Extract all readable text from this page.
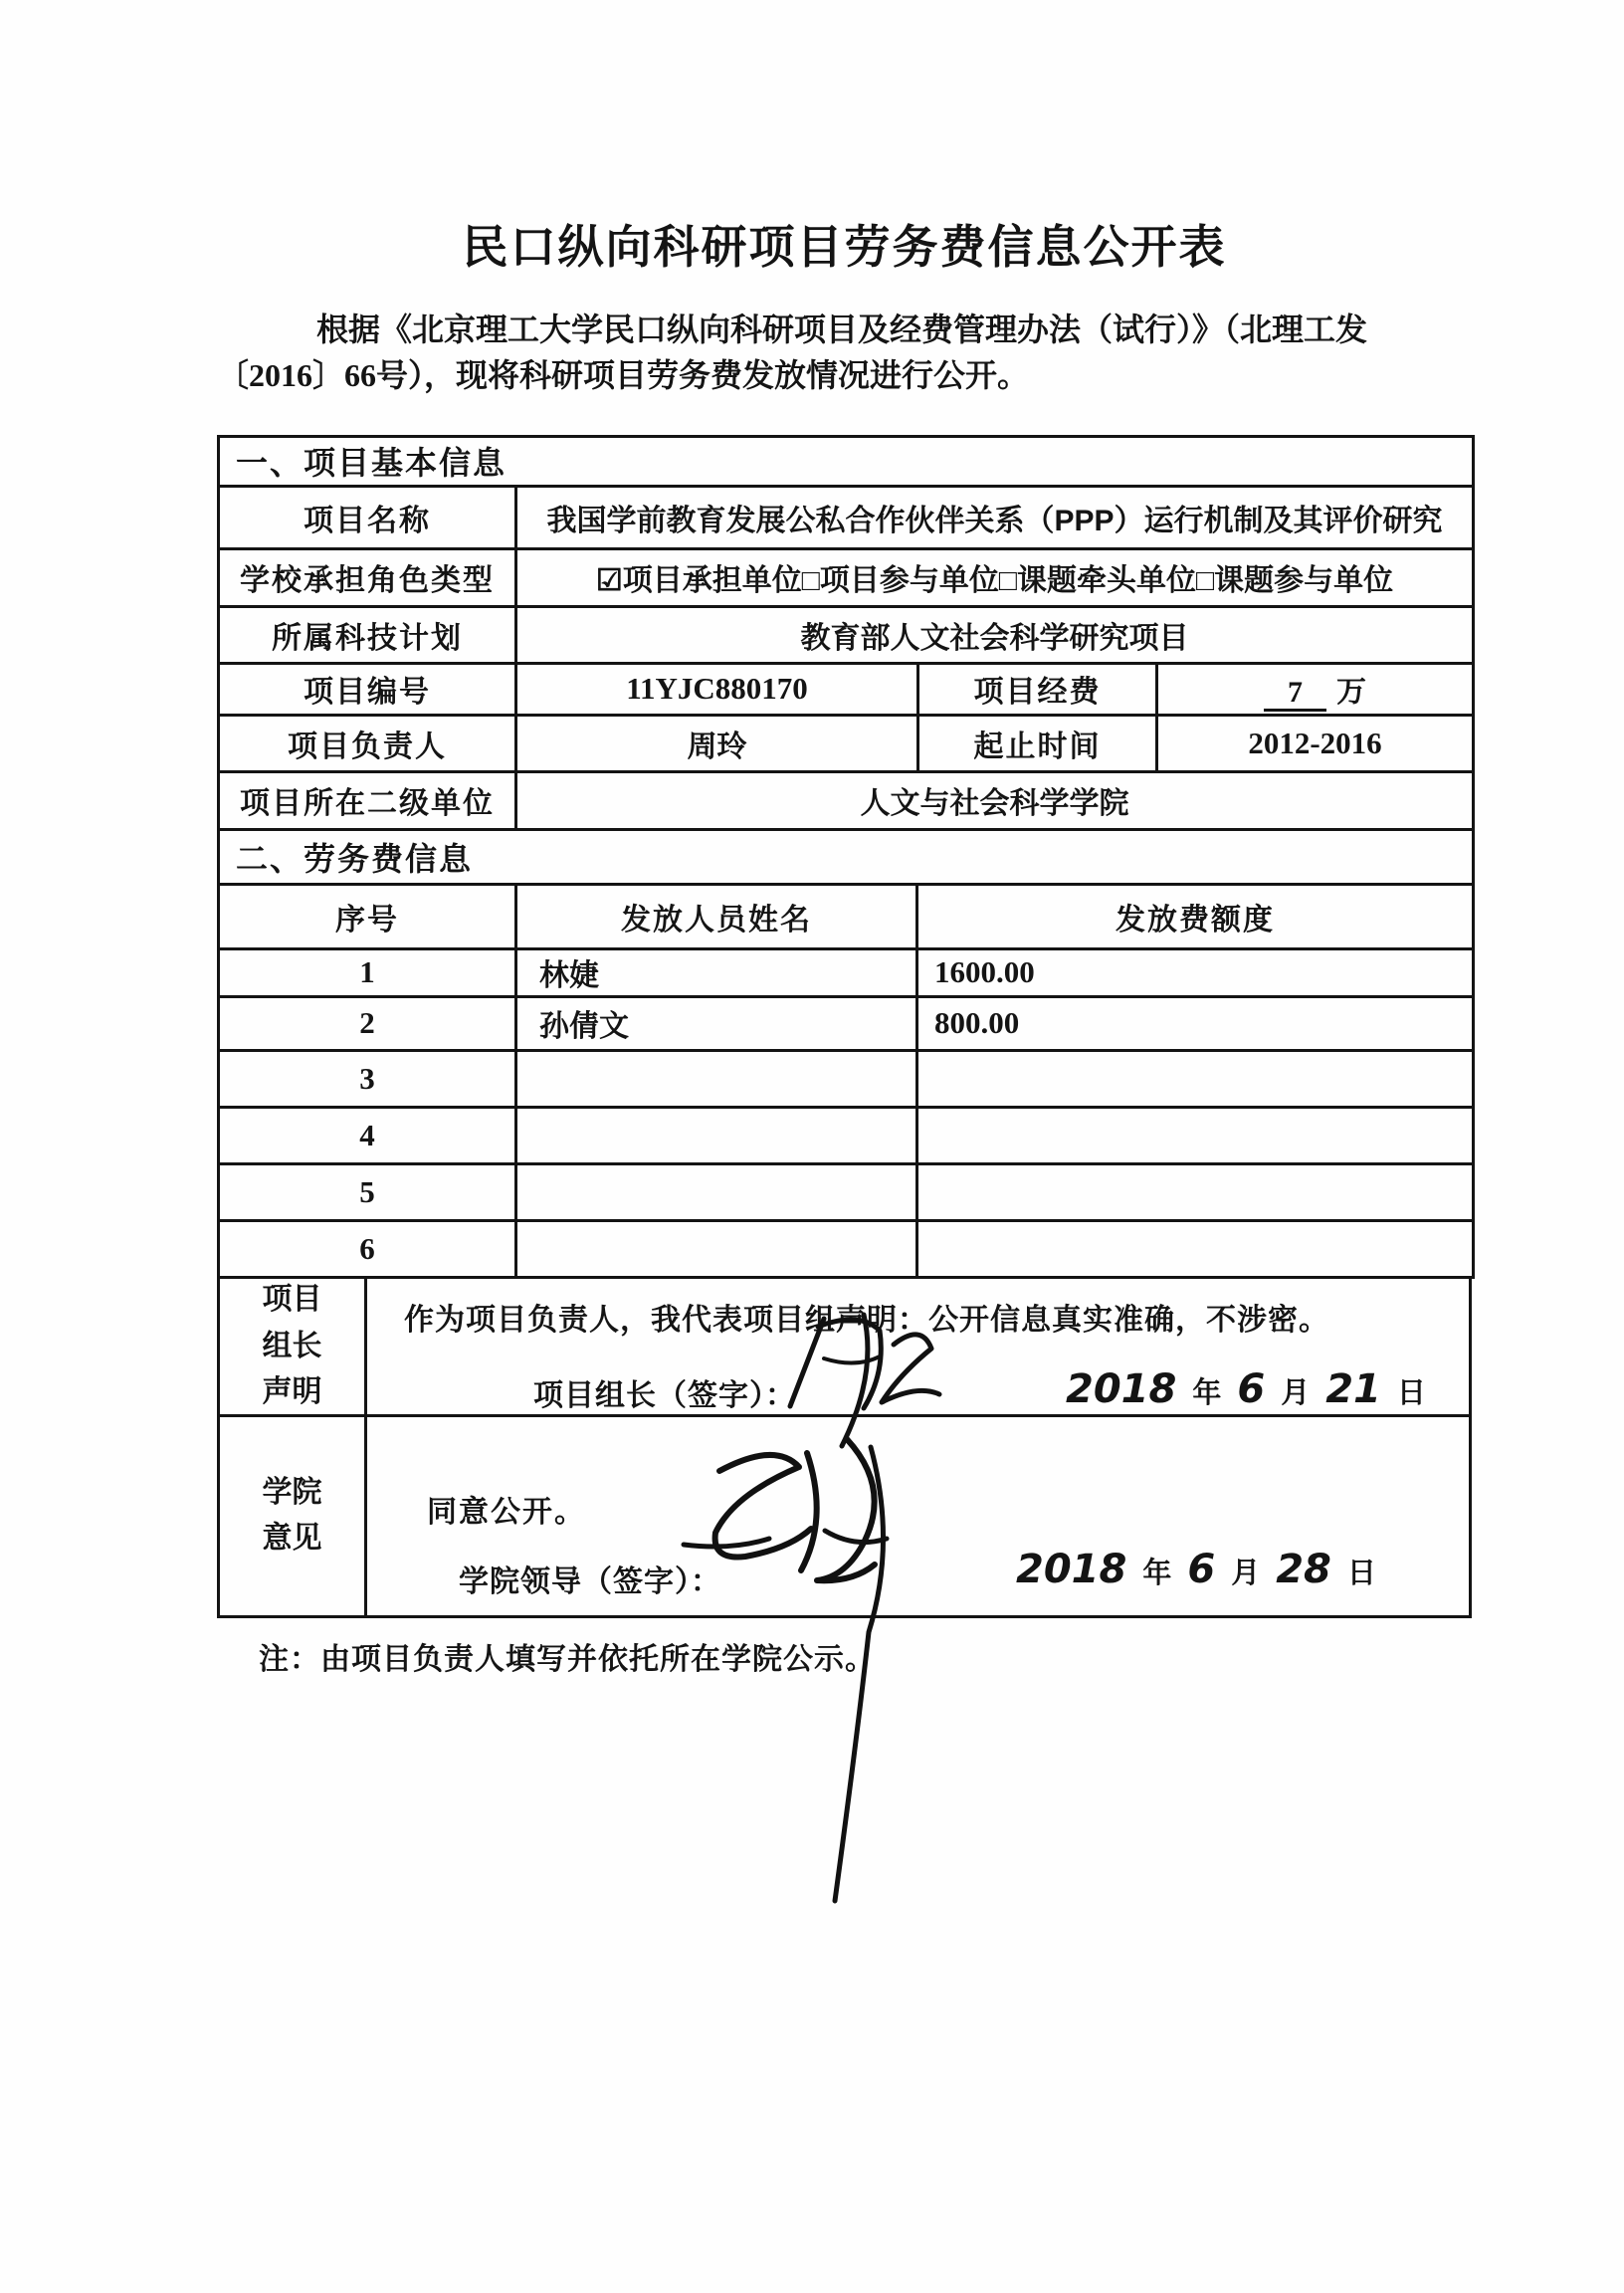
民口纵向科研项目劳务费信息公开表

根据《北京理工大学民口纵向科研项目及经费管理办法（试行）》（北理工发〔2016〕66号），现将科研项目劳务费发放情况进行公开。

一、项目基本信息			
项目名称	我国学前教育发展公私合作伙伴关系（PPP）运行机制及其评价研究		
学校承担角色类型	☑项目承担单位□项目参与单位□课题牵头单位□课题参与单位		
所属科技计划	教育部人文社会科学研究项目		
项目编号	11YJC880170	项目经费	7 万
项目负责人	周玲	起止时间	2012-2016
项目所在二级单位	人文与社会科学学院		
二、劳务费信息		
序号	发放人员姓名	发放费额度
1	林婕	1600.00
2	孙倩文	800.00
3		
4		
5		
6		
项目组长声明
作为项目负责人，我代表项目组声明：公开信息真实准确，不涉密。
项目组长（签字）：	2018 年 6 月 21 日
学院意见
同意公开。
学院领导（签字）：	2018 年 6 月 28 日

注：由项目负责人填写并依托所在学院公示。
